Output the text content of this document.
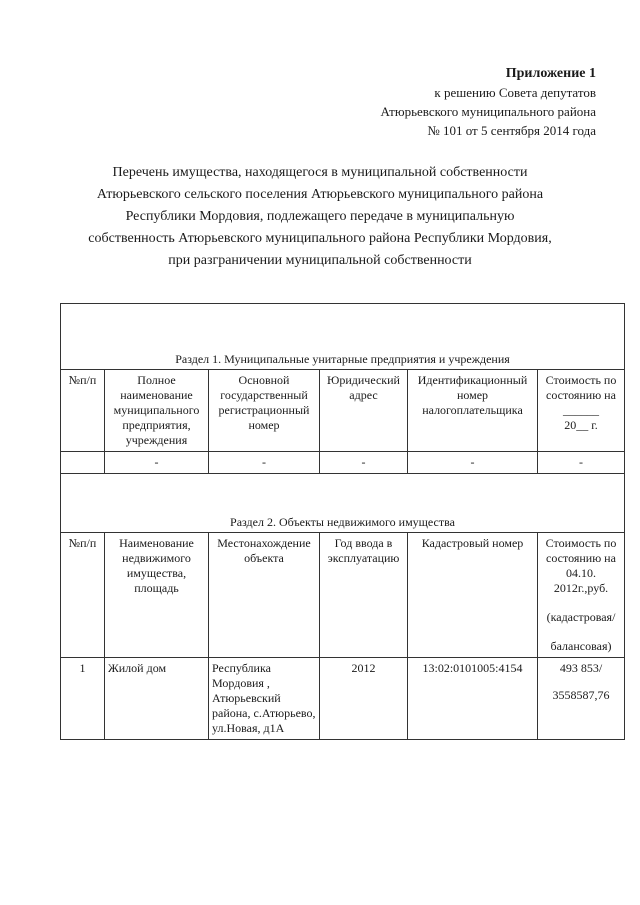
Приложение 1
к решению Совета депутатов
Атюрьевского муниципального района
№ 101 от 5 сентября 2014 года
Перечень имущества, находящегося в муниципальной собственности
Атюрьевского сельского поселения Атюрьевского муниципального района
Республики Мордовия, подлежащего передаче в муниципальную
собственность Атюрьевского муниципального района Республики Мордовия,
при разграничении муниципальной собственности
Раздел 1. Муниципальные унитарные предприятия и учреждения					
№п/п	Полное наименование муниципального предприятия, учреждения	Основной государственный регистрационный номер	Юридический адрес	Идентификационный номер налогоплательщика	Стоимость по состоянию на ______

20__ г.

	-	-	-	-	-
Раздел 2. Объекты недвижимого имущества					
№п/п	Наименование недвижимого имущества, площадь	Местонахождение объекта	Год ввода в эксплуатацию	Кадастровый номер	Стоимость по состоянию на 04.10. 2012г.,руб.

(кадастровая/

балансовая)

1	Жилой дом	Республика Мордовия , Атюрьевский района, с.Атюрьево, ул.Новая, д1А	2012	13:02:0101005:4154	493 853/

3558587,76
